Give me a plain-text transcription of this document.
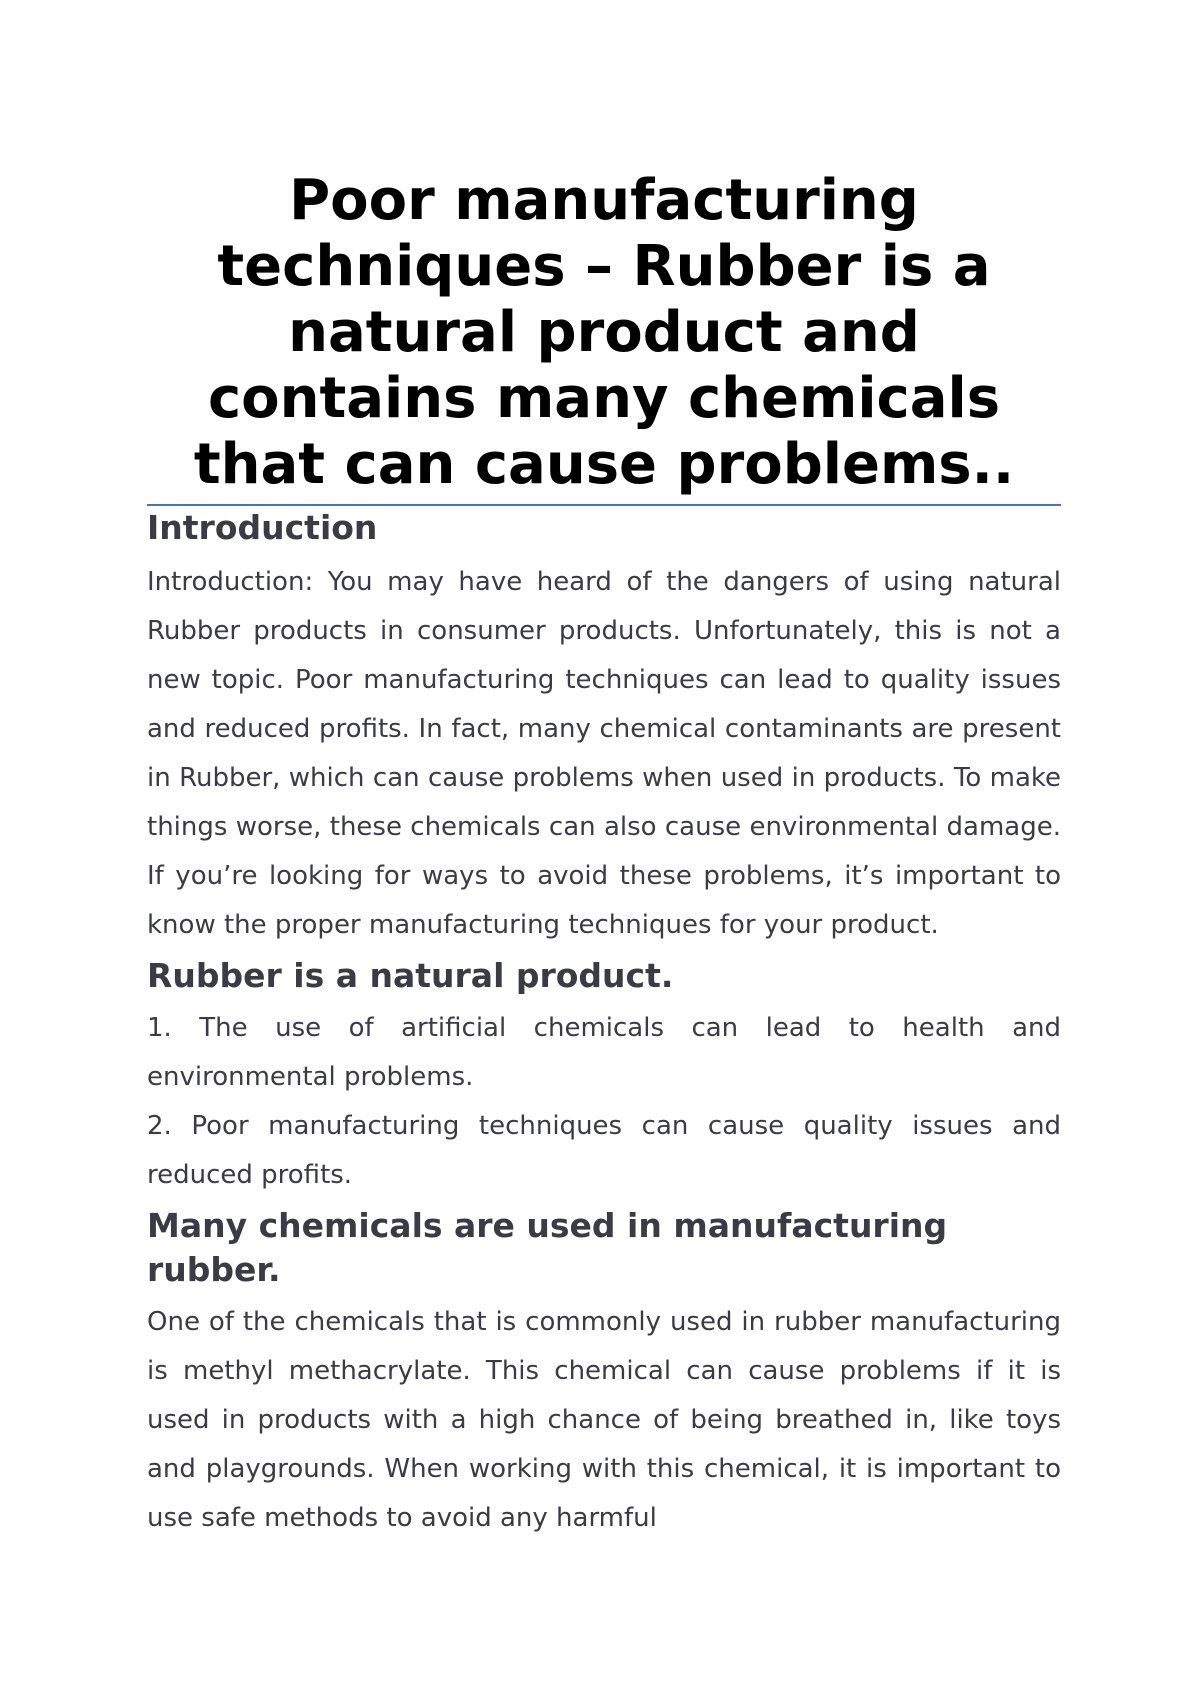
Poor manufacturing techniques – Rubber is a natural product and contains many chemicals that can cause problems..
Introduction

Introduction: You may have heard of the dangers of using natural Rubber products in consumer products. Unfortunately, this is not a new topic. Poor manufacturing techniques can lead to quality issues and reduced profits. In fact, many chemical contaminants are present in Rubber, which can cause problems when used in products. To make things worse, these chemicals can also cause environmental damage. If you’re looking for ways to avoid these problems, it’s important to know the proper manufacturing techniques for your product.

Rubber is a natural product.

1. The use of artificial chemicals can lead to health and environmental problems.

2. Poor manufacturing techniques can cause quality issues and reduced profits.

Many chemicals are used in manufacturing rubber.

One of the chemicals that is commonly used in rubber manufacturing is methyl methacrylate. This chemical can cause problems if it is used in products with a high chance of being breathed in, like toys and playgrounds. When working with this chemical, it is important to use safe methods to avoid any harmful
